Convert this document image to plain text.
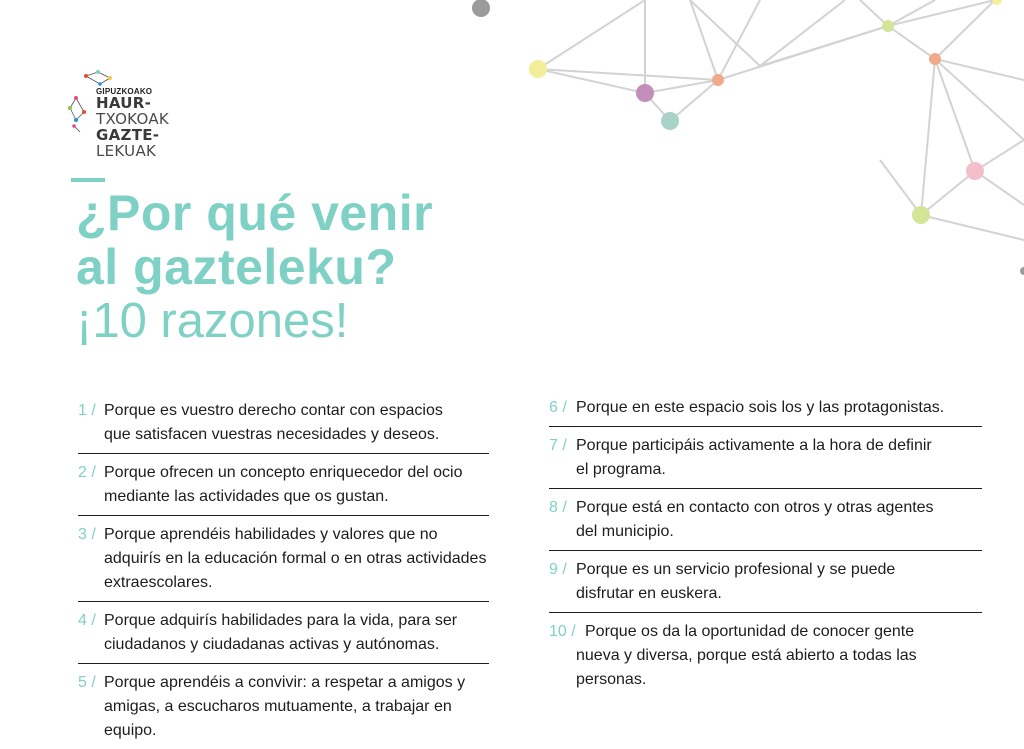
GIPUZKOAKO
HAUR-
TXOKOAK
GAZTE-
LEKUAK
¿Por qué venir
al gazteleku?
¡10 razones!
1 / Porque es vuestro derecho contar con espacios
que satisfacen vuestras necesidades y deseos.
2 / Porque ofrecen un concepto enriquecedor del ocio
mediante las actividades que os gustan.
3 / Porque aprendéis habilidades y valores que no
adquirís en la educación formal o en otras actividades extraescolares.
4 / Porque adquirís habilidades para la vida, para ser
ciudadanos y ciudadanas activas y autónomas.
5 / Porque aprendéis a convivir: a respetar a amigos y
amigas, a escucharos mutuamente, a trabajar en equipo.
6 / Porque en este espacio sois los y las protagonistas.
7 / Porque participáis activamente a la hora de definir
el programa.
8 / Porque está en contacto con otros y otras agentes
del municipio.
9 / Porque es un servicio profesional y se puede
disfrutar en euskera.
10 / Porque os da la oportunidad de conocer gente
nueva y diversa, porque está abierto a todas las personas.
